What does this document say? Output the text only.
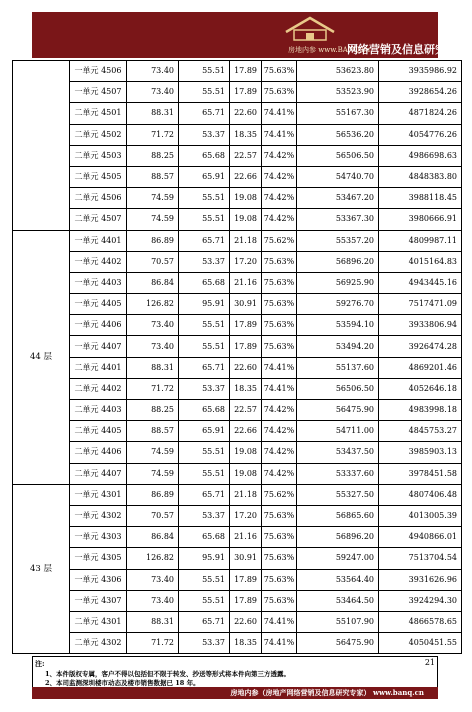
房地内参 www.BANQ.cn
网络营销及信息研究专家
	一单元 4506	73.40	55.51	17.89	75.63%	53623.80	3935986.92
	一单元 4507	73.40	55.51	17.89	75.63%	53523.90	3928654.26
	二单元 4501	88.31	65.71	22.60	74.41%	55167.30	4871824.26
	二单元 4502	71.72	53.37	18.35	74.41%	56536.20	4054776.26
	二单元 4503	88.25	65.68	22.57	74.42%	56506.50	4986698.63
	二单元 4505	88.57	65.91	22.66	74.42%	54740.70	4848383.80
	二单元 4506	74.59	55.51	19.08	74.42%	53467.20	3988118.45
	二单元 4507	74.59	55.51	19.08	74.42%	53367.30	3980666.91
44 层	一单元 4401	86.89	65.71	21.18	75.62%	55357.20	4809987.11
	一单元 4402	70.57	53.37	17.20	75.63%	56896.20	4015164.83
	一单元 4403	86.84	65.68	21.16	75.63%	56925.90	4943445.16
	一单元 4405	126.82	95.91	30.91	75.63%	59276.70	7517471.09
	一单元 4406	73.40	55.51	17.89	75.63%	53594.10	3933806.94
	一单元 4407	73.40	55.51	17.89	75.63%	53494.20	3926474.28
	二单元 4401	88.31	65.71	22.60	74.41%	55137.60	4869201.46
	二单元 4402	71.72	53.37	18.35	74.41%	56506.50	4052646.18
	二单元 4403	88.25	65.68	22.57	74.42%	56475.90	4983998.18
	二单元 4405	88.57	65.91	22.66	74.42%	54711.00	4845753.27
	二单元 4406	74.59	55.51	19.08	74.42%	53437.50	3985903.13
	二单元 4407	74.59	55.51	19.08	74.42%	53337.60	3978451.58
43 层	一单元 4301	86.89	65.71	21.18	75.62%	55327.50	4807406.48
	一单元 4302	70.57	53.37	17.20	75.63%	56865.60	4013005.39
	一单元 4303	86.84	65.68	21.16	75.63%	56896.20	4940866.01
	一单元 4305	126.82	95.91	30.91	75.63%	59247.00	7513704.54
	一单元 4306	73.40	55.51	17.89	75.63%	53564.40	3931626.96
	一单元 4307	73.40	55.51	17.89	75.63%	53464.50	3924294.30
	二单元 4301	88.31	65.71	22.60	74.41%	55107.90	4866578.65
	二单元 4302	71.72	53.37	18.35	74.41%	56475.90	4050451.55
注:
1、本件版权专属，客户不得以包括但不限于转发、抄送等形式将本件向第三方透露。
2、本司监测深圳楼市动态及楼市销售数据已 18 年。
21
房地内参（房地产网络营销及信息研究专家） www.banq.cn
